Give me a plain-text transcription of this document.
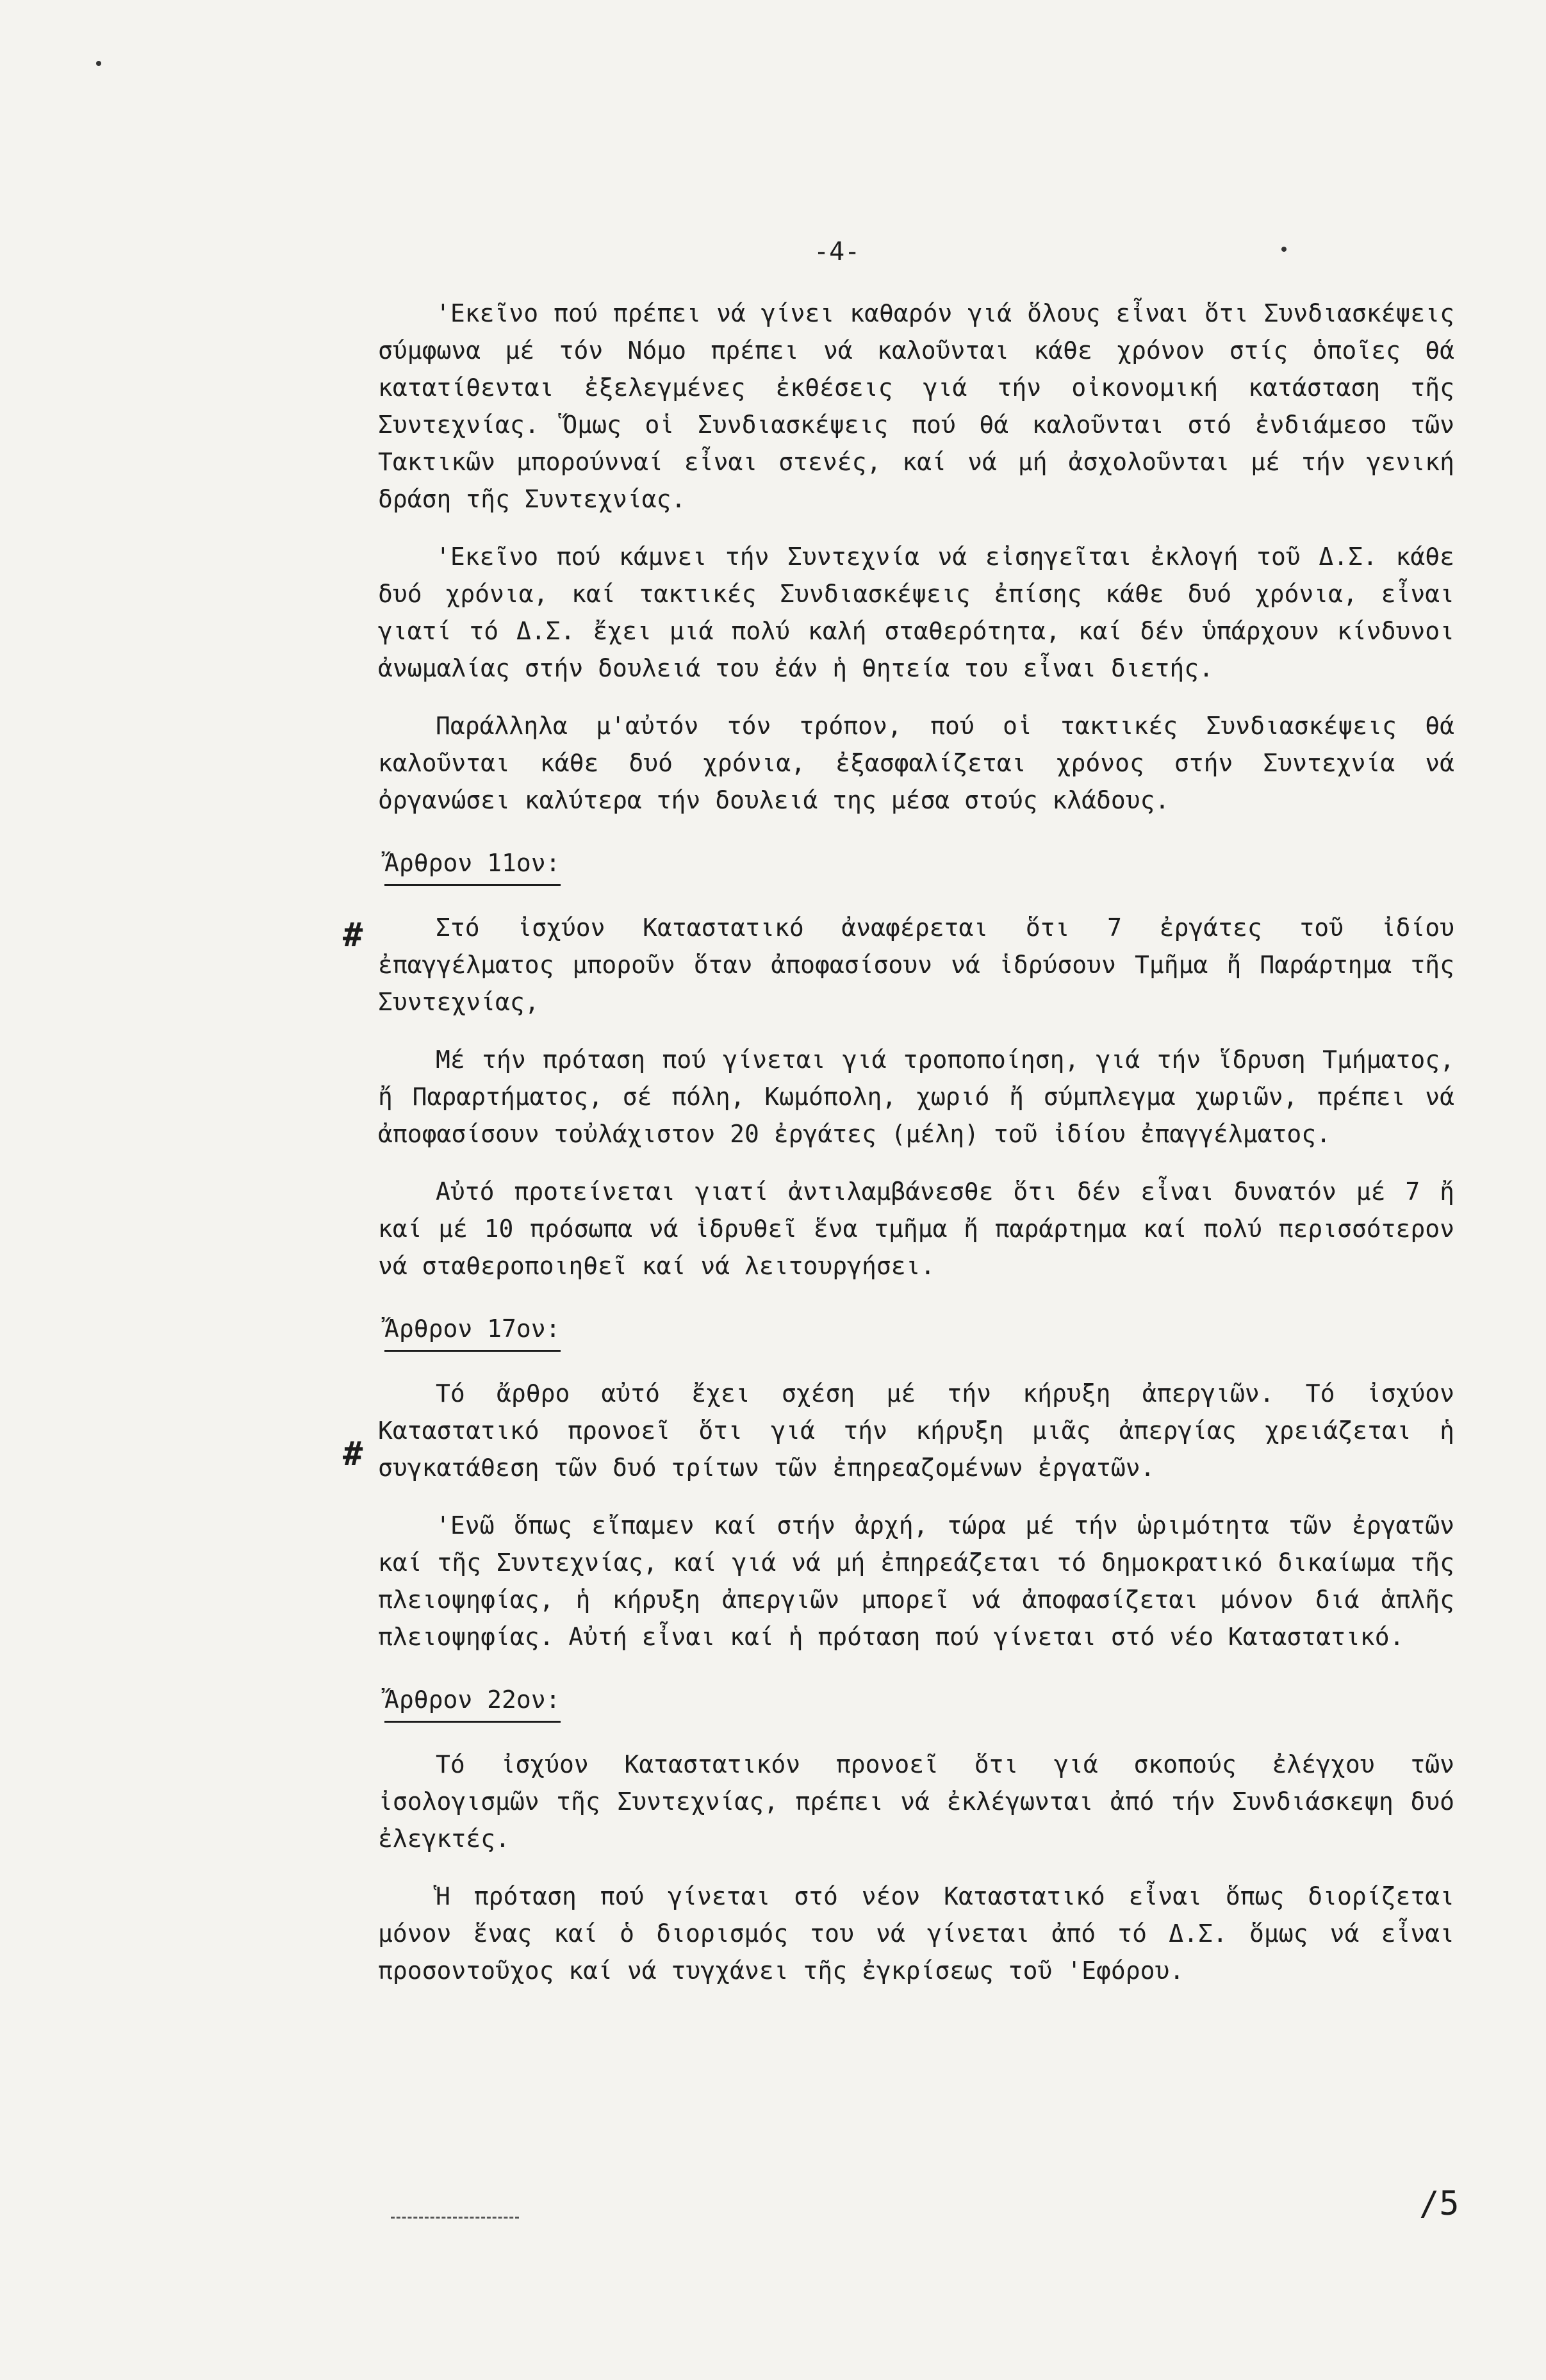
-4-
#
#

'Εκεῖνο πού πρέπει νά γίνει καθαρόν γιά ὅλους εἶναι ὅτι Συνδιασκέψεις σύμφωνα μέ τόν Νόμο πρέπει νά καλοῦνται κάθε χρόνον στίς ὁποῖες θά κατατίθενται ἐξελεγμένες ἐκθέσεις γιά τήν οἰκονομική κατάσταση τῆς Συντεχνίας. Ὅμως οἱ Συνδιασκέψεις πού θά καλοῦνται στό ἐνδιάμεσο τῶν Τακτικῶν μπορούνναί εἶναι στενές, καί νά μή ἀσχολοῦνται μέ τήν γενική δράση τῆς Συντεχνίας.

'Εκεῖνο πού κάμνει τήν Συντεχνία νά εἰσηγεῖται ἐκλογή τοῦ Δ.Σ. κάθε δυό χρόνια, καί τακτικές Συνδιασκέψεις ἐπίσης κάθε δυό χρόνια, εἶναι γιατί τό Δ.Σ. ἔχει μιά πολύ καλή σταθερότητα, καί δέν ὑπάρχουν κίνδυνοι ἀνωμαλίας στήν δουλειά του ἐάν ἡ θητεία του εἶναι διετής.

Παράλληλα μ'αὐτόν τόν τρόπον, πού οἱ τακτικές Συνδιασκέψεις θά καλοῦνται κάθε δυό χρόνια, ἐξασφαλίζεται χρόνος στήν Συντεχνία νά ὀργανώσει καλύτερα τήν δουλειά της μέσα στούς κλάδους.

Ἄρθρον 11ον:

Στό ἰσχύον Καταστατικό ἀναφέρεται ὅτι 7 ἐργάτες τοῦ ἰδίου ἐπαγγέλματος μποροῦν ὅταν ἀποφασίσουν νά ἱδρύσουν Τμῆμα ἤ Παράρτημα τῆς Συντεχνίας,

Μέ τήν πρόταση πού γίνεται γιά τροποποίηση, γιά τήν ἵδρυση Τμήματος, ἤ Παραρτήματος, σέ πόλη, Κωμόπολη, χωριό ἤ σύμπλεγμα χωριῶν, πρέπει νά ἀποφασίσουν τοὐλάχιστον 20 ἐργάτες (μέλη) τοῦ ἰδίου ἐπαγγέλματος.

Αὐτό προτείνεται γιατί ἀντιλαμβάνεσθε ὅτι δέν εἶναι δυνατόν μέ 7 ἤ καί μέ 10 πρόσωπα νά ἱδρυθεῖ ἕνα τμῆμα ἤ παράρτημα καί πολύ περισσότερον νά σταθεροποιηθεῖ καί νά λειτουργήσει.

Ἄρθρον 17ον:

Τό ἄρθρο αὐτό ἔχει σχέση μέ τήν κήρυξη ἀπεργιῶν. Τό ἰσχύον Καταστατικό προνοεῖ ὅτι γιά τήν κήρυξη μιᾶς ἀπεργίας χρειάζεται ἡ συγκατάθεση τῶν δυό τρίτων τῶν ἐπηρεαζομένων ἐργατῶν.

'Ενῶ ὅπως εἴπαμεν καί στήν ἀρχή, τώρα μέ τήν ὡριμότητα τῶν ἐργατῶν καί τῆς Συντεχνίας, καί γιά νά μή ἐπηρεάζεται τό δημοκρατικό δικαίωμα τῆς πλειοψηφίας, ἡ κήρυξη ἀπεργιῶν μπορεῖ νά ἀποφασίζεται μόνον διά ἁπλῆς πλειοψηφίας. Αὐτή εἶναι καί ἡ πρόταση πού γίνεται στό νέο Καταστατικό.

Ἄρθρον 22ον:

Τό ἰσχύον Καταστατικόν προνοεῖ ὅτι γιά σκοπούς ἐλέγχου τῶν ἰσολογισμῶν τῆς Συντεχνίας, πρέπει νά ἐκλέγωνται ἀπό τήν Συνδιάσκεψη δυό ἐλεγκτές.

Ἡ πρόταση πού γίνεται στό νέον Καταστατικό εἶναι ὅπως διορίζεται μόνον ἕνας καί ὁ διορισμός του νά γίνεται ἀπό τό Δ.Σ. ὅμως νά εἶναι προσοντοῦχος καί νά τυγχάνει τῆς ἐγκρίσεως τοῦ 'Εφόρου.

/5
